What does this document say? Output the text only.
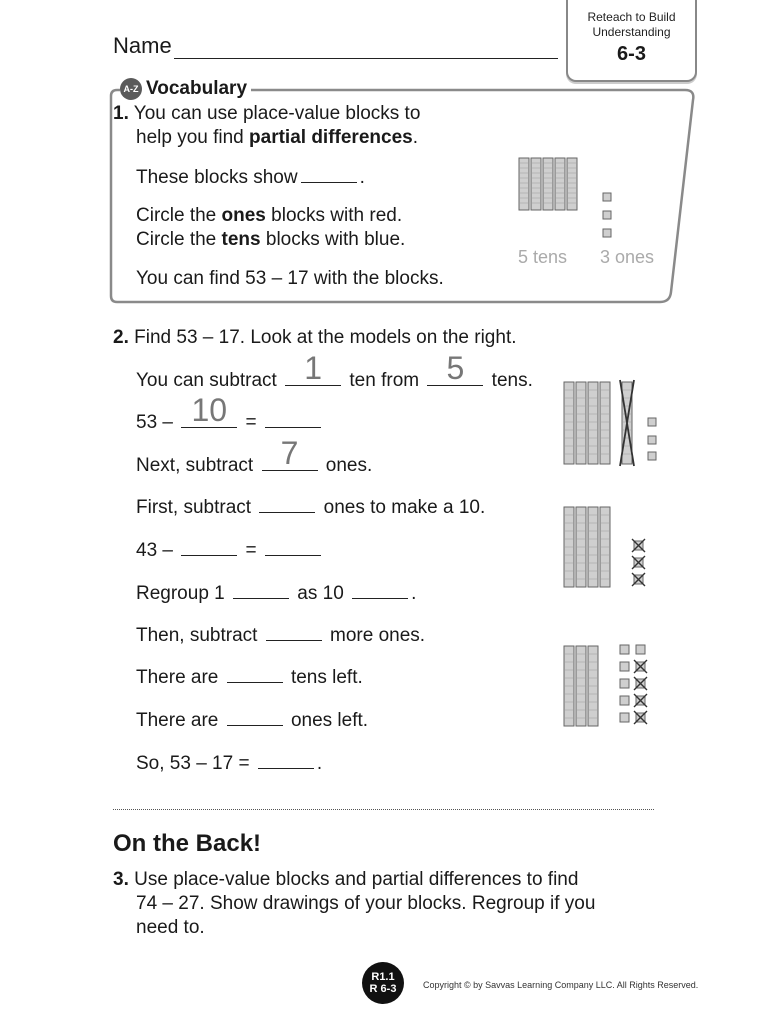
Name
Reteach to Build
Understanding
6-3
A-Z Vocabulary
1. You can use place-value blocks to
help you find partial differences.
These blocks show	.
Circle the ones blocks with red.
Circle the tens blocks with blue.
You can find 53 – 17 with the blocks.
5 tens 3 ones
2. Find 53 – 17. Look at the models on the right.
You can subtract 1	ten from 5	tens.
53 – 10 =
Next, subtract 7	ones.
First, subtract	ones to make a 10.
43 –	=
Regroup 1	as 10	.
Then, subtract	more ones.
There are	tens left.
There are	ones left.
So, 53 – 17 =	.
On the Back!
3. Use place-value blocks and partial differences to find
74 – 27. Show drawings of your blocks. Regroup if you
need to.
R1.1
R 6-3	Copyright © by Savvas Learning Company LLC. All Rights Reserved.
